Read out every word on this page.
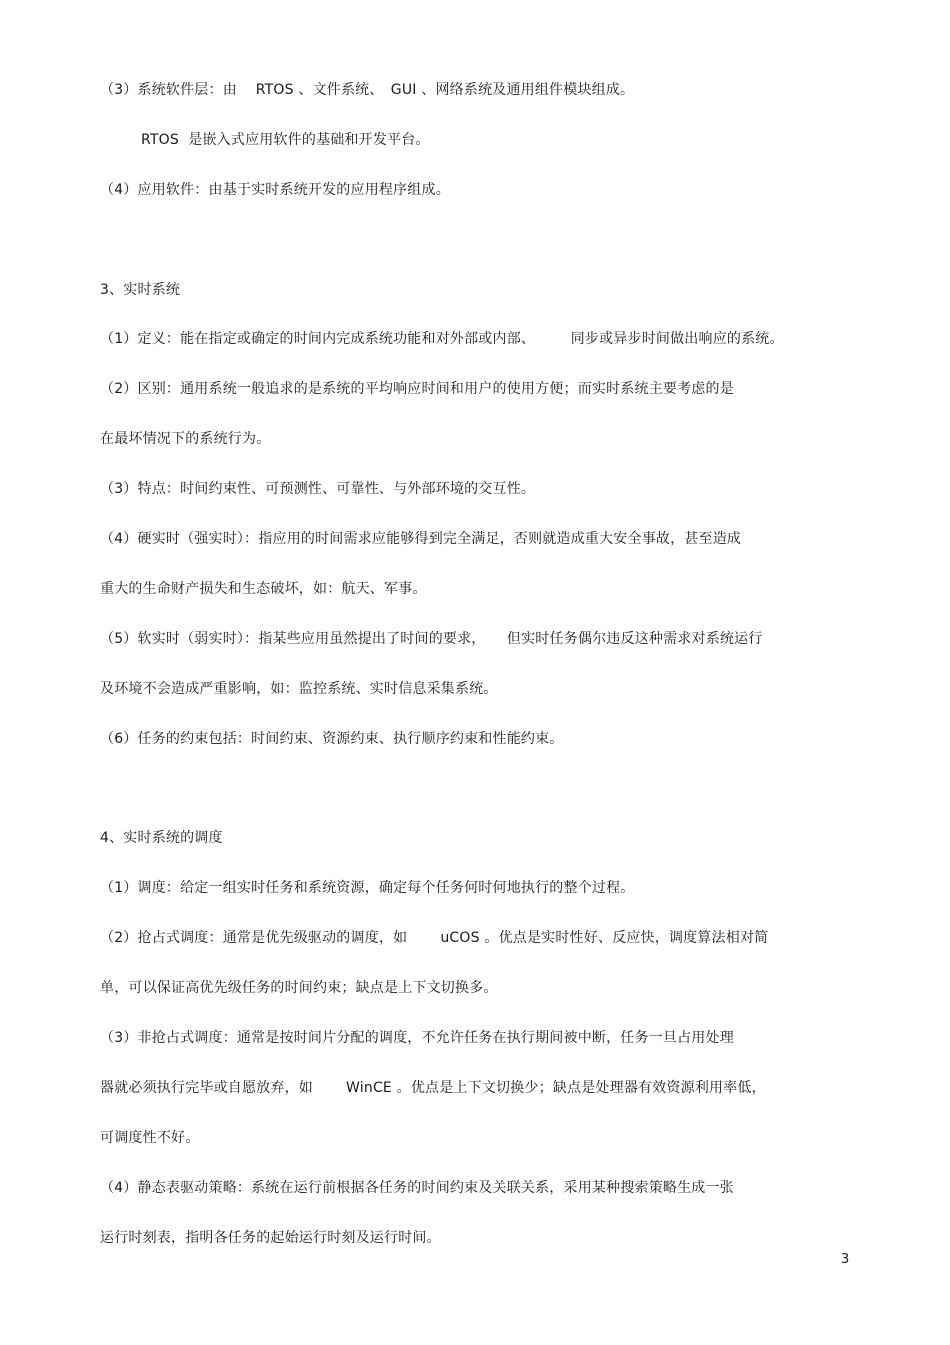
（3）系统软件层：由　 RTOS 、文件系统、　GUI 、网络系统及通用组件模块组成。
RTOS  是嵌入式应用软件的基础和开发平台。
（4）应用软件：由基于实时系统开发的应用程序组成。
3、实时系统
（1）定义：能在指定或确定的时间内完成系统功能和对外部或内部、　　　同步或异步时间做出响应的系统。
（2）区别：通用系统一般追求的是系统的平均响应时间和用户的使用方便；而实时系统主要考虑的是
在最坏情况下的系统行为。
（3）特点：时间约束性、可预测性、可靠性、与外部环境的交互性。
（4）硬实时（强实时）：指应用的时间需求应能够得到完全满足，否则就造成重大安全事故，甚至造成
重大的生命财产损失和生态破坏，如：航天、军事。
（5）软实时（弱实时）：指某些应用虽然提出了时间的要求，　　但实时任务偶尔违反这种需求对系统运行
及环境不会造成严重影响，如：监控系统、实时信息采集系统。
（6）任务的约束包括：时间约束、资源约束、执行顺序约束和性能约束。
4、实时系统的调度
（1）调度：给定一组实时任务和系统资源，确定每个任务何时何地执行的整个过程。
（2）抢占式调度：通常是优先级驱动的调度，如　　 uCOS 。优点是实时性好、反应快，调度算法相对简
单，可以保证高优先级任务的时间约束；缺点是上下文切换多。
（3）非抢占式调度：通常是按时间片分配的调度，不允许任务在执行期间被中断，任务一旦占用处理
器就必须执行完毕或自愿放弃，如　　 WinCE 。优点是上下文切换少；缺点是处理器有效资源利用率低，
可调度性不好。
（4）静态表驱动策略：系统在运行前根据各任务的时间约束及关联关系，采用某种搜索策略生成一张
运行时刻表，指明各任务的起始运行时刻及运行时间。
3
